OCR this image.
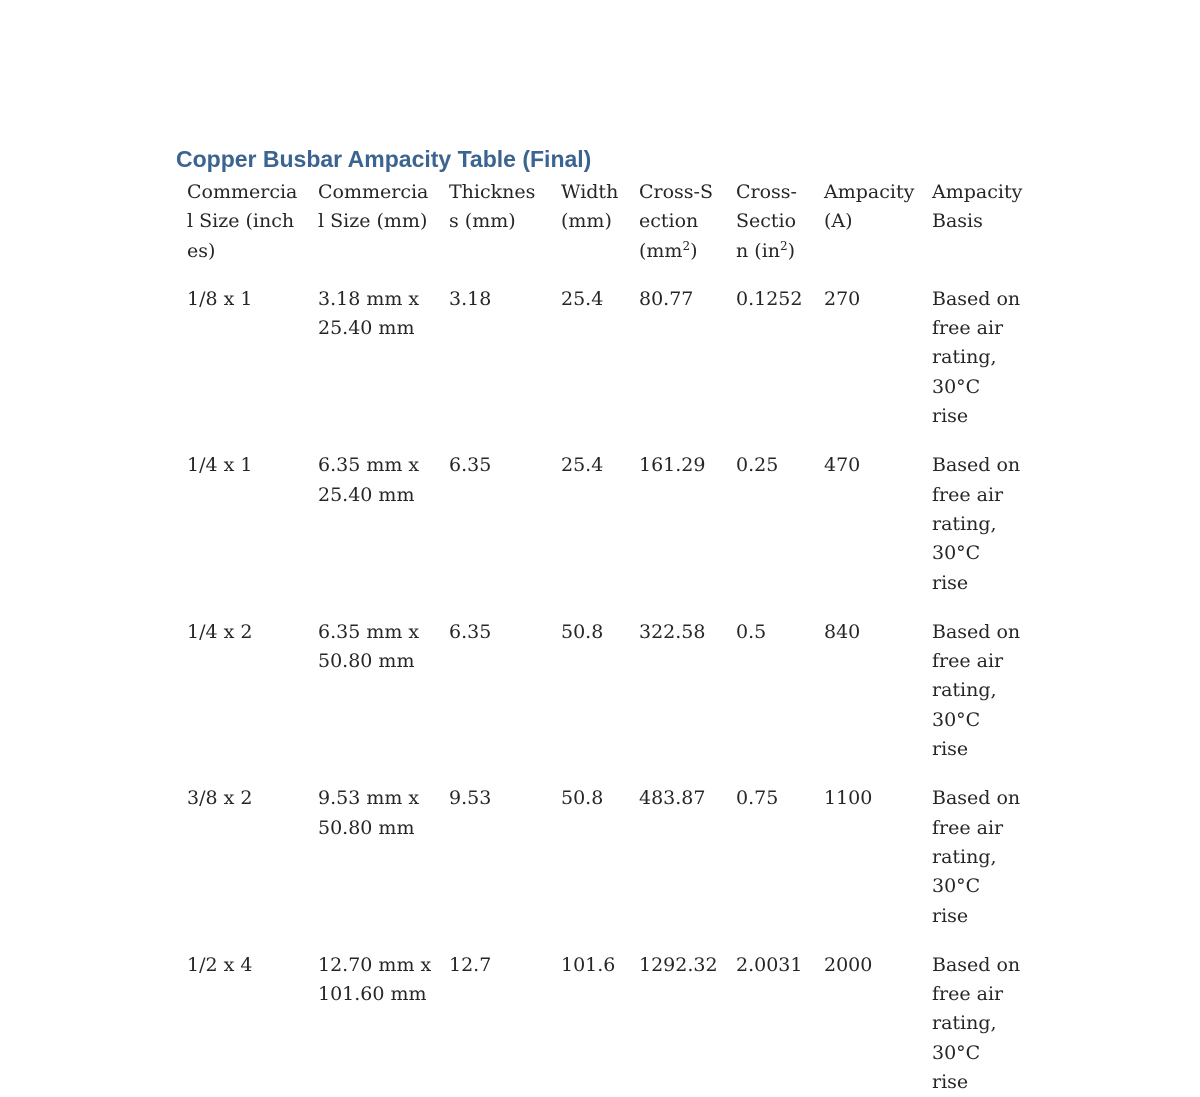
Copper Busbar Ampacity Table (Final)
Commercial Size (inches)	Commercial Size (mm)	Thickness (mm)	Width (mm)	Cross-Section $(mm^2)$	Cross-Section $(in^2)$	Ampacity (A)	Ampacity Basis
1/8 x 1	3.18 mm x 25.40 mm	3.18	25.4	80.77	0.1252	270	Based on free air rating, 30°C rise
1/4 x 1	6.35 mm x 25.40 mm	6.35	25.4	161.29	0.25	470	Based on free air rating, 30°C rise
1/4 x 2	6.35 mm x 50.80 mm	6.35	50.8	322.58	0.5	840	Based on free air rating, 30°C rise
3/8 x 2	9.53 mm x 50.80 mm	9.53	50.8	483.87	0.75	1100	Based on free air rating, 30°C rise
1/2 x 4	12.70 mm x 101.60 mm	12.7	101.6	1292.32	2.0031	2000	Based on free air rating, 30°C rise
